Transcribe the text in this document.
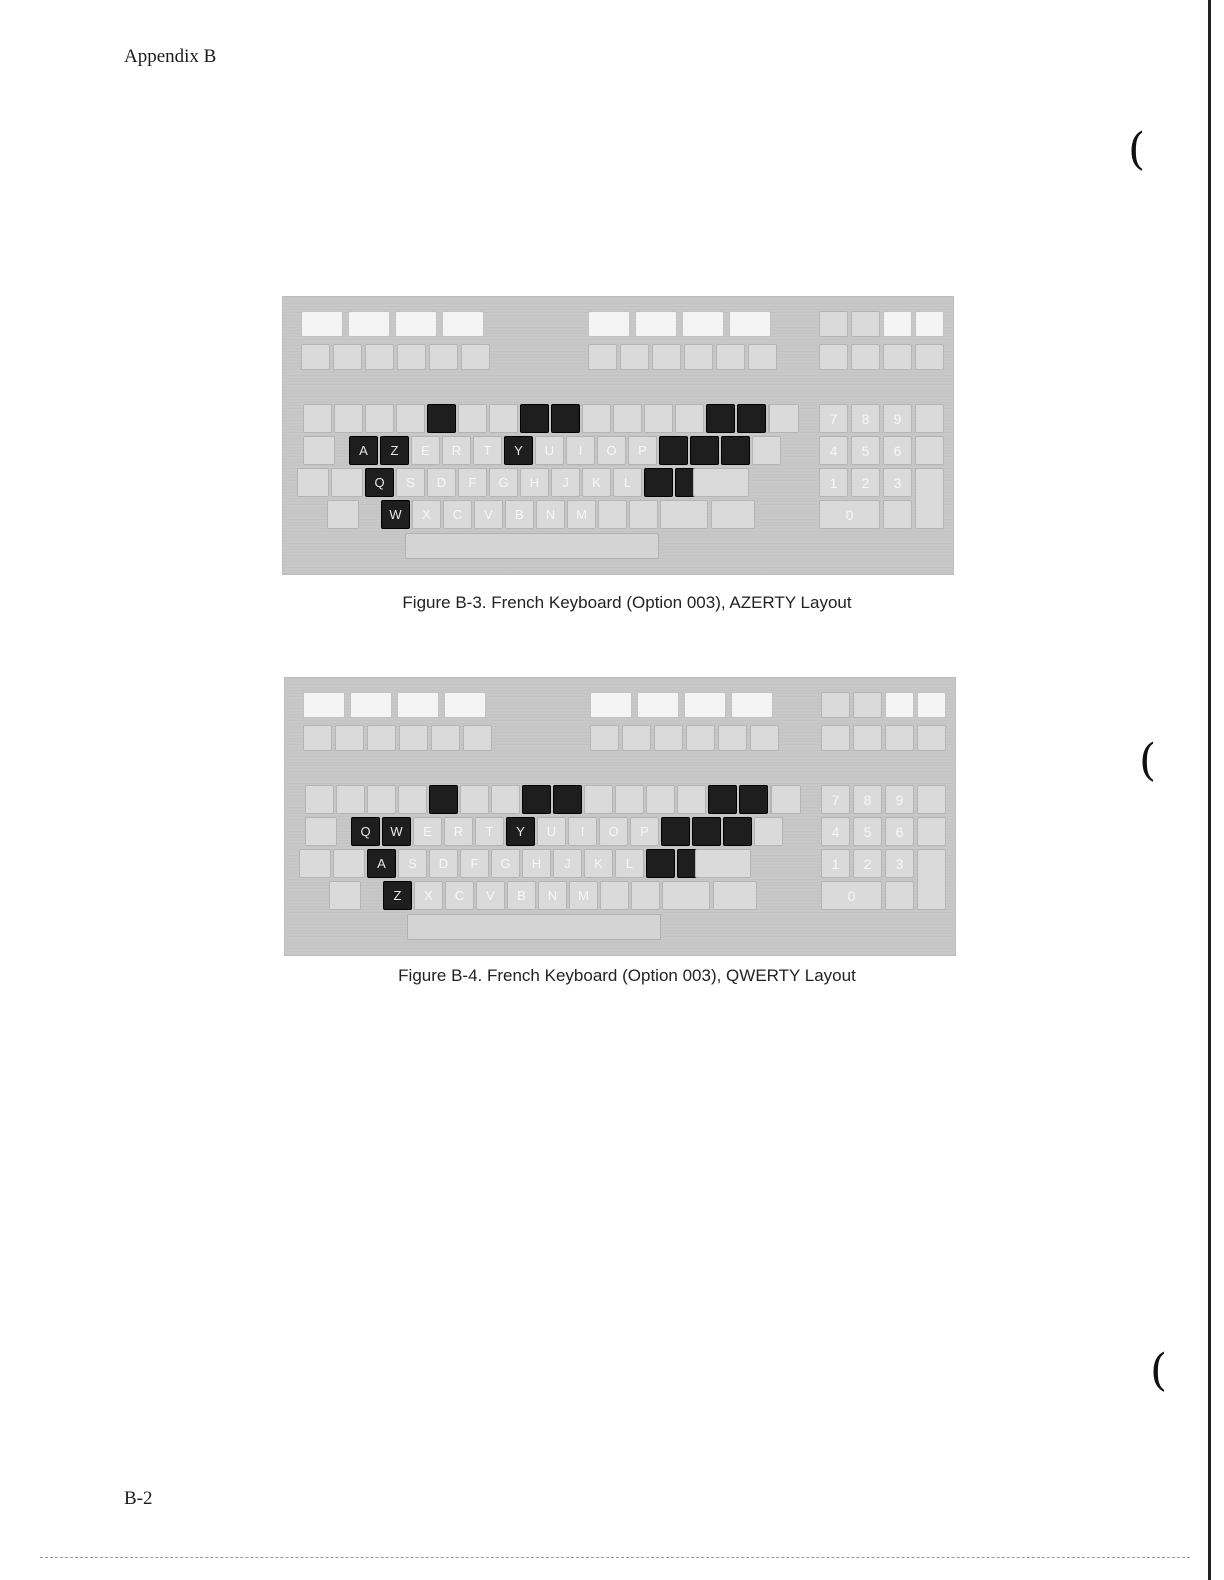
Appendix B
(
(
(
A	Z	E	R	T	Y	U	I	O	P
Q	S	D	F	G	H	J	K	L
W	X	C	V	B	N	M
7	8	9
4	5	6
1	2	3
0
Figure B-3. French Keyboard (Option 003), AZERTY Layout
Q	W	E	R	T	Y	U	I	O	P
A	S	D	F	G	H	J	K	L
Z	X	C	V	B	N	M
7	8	9
4	5	6
1	2	3
0
Figure B-4. French Keyboard (Option 003), QWERTY Layout
B-2
